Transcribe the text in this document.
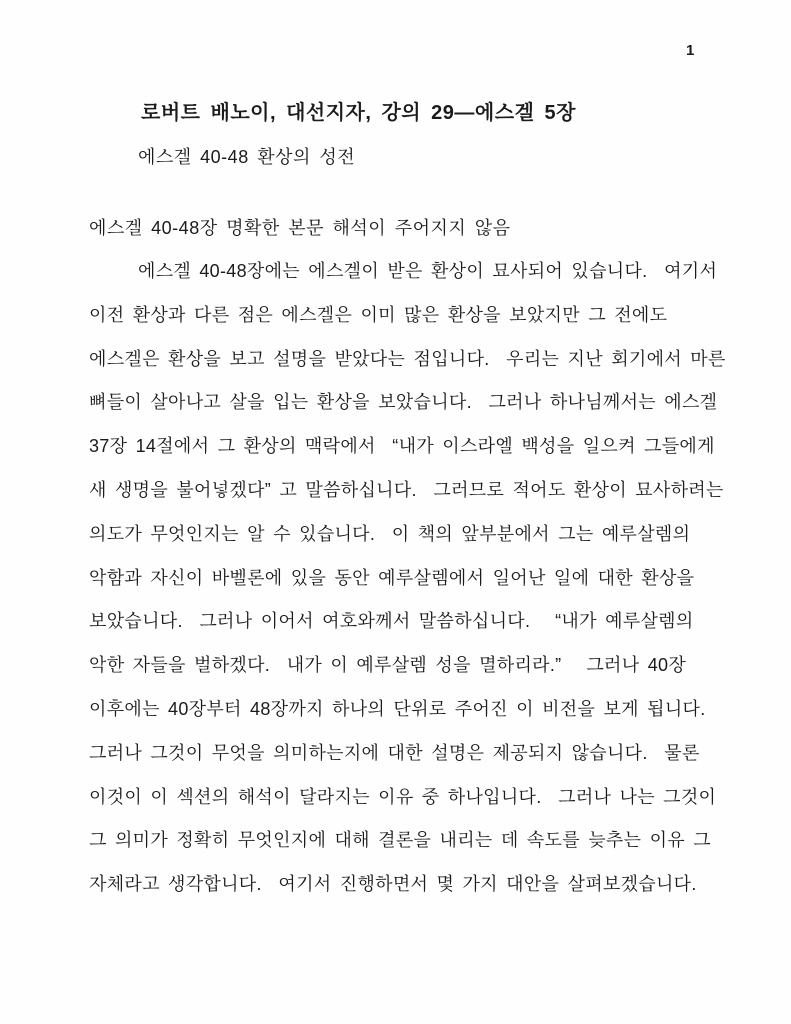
1
로버트 배노이, 대선지자, 강의 29—에스겔 5장
에스겔 40-48 환상의 성전
에스겔 40-48장 명확한 본문 해석이 주어지지 않음
에스겔 40-48장에는 에스겔이 받은 환상이 묘사되어 있습니다.  여기서
이전 환상과 다른 점은 에스겔은 이미 많은 환상을 보았지만 그 전에도
에스겔은 환상을 보고 설명을 받았다는 점입니다.  우리는 지난 회기에서 마른
뼈들이 살아나고 살을 입는 환상을 보았습니다.  그러나 하나님께서는 에스겔
37장 14절에서 그 환상의 맥락에서  “내가 이스라엘 백성을 일으켜 그들에게
새 생명을 불어넣겠다” 고 말씀하십니다.  그러므로 적어도 환상이 묘사하려는
의도가 무엇인지는 알 수 있습니다.  이 책의 앞부분에서 그는 예루살렘의
악함과 자신이 바벨론에 있을 동안 예루살렘에서 일어난 일에 대한 환상을
보았습니다.  그러나 이어서 여호와께서 말씀하십니다.   “내가 예루살렘의
악한 자들을 벌하겠다.  내가 이 예루살렘 성을 멸하리라.”   그러나 40장
이후에는 40장부터 48장까지 하나의 단위로 주어진 이 비전을 보게 됩니다.
그러나 그것이 무엇을 의미하는지에 대한 설명은 제공되지 않습니다.  물론
이것이 이 섹션의 해석이 달라지는 이유 중 하나입니다.  그러나 나는 그것이
그 의미가 정확히 무엇인지에 대해 결론을 내리는 데 속도를 늦추는 이유 그
자체라고 생각합니다.  여기서 진행하면서 몇 가지 대안을 살펴보겠습니다.
